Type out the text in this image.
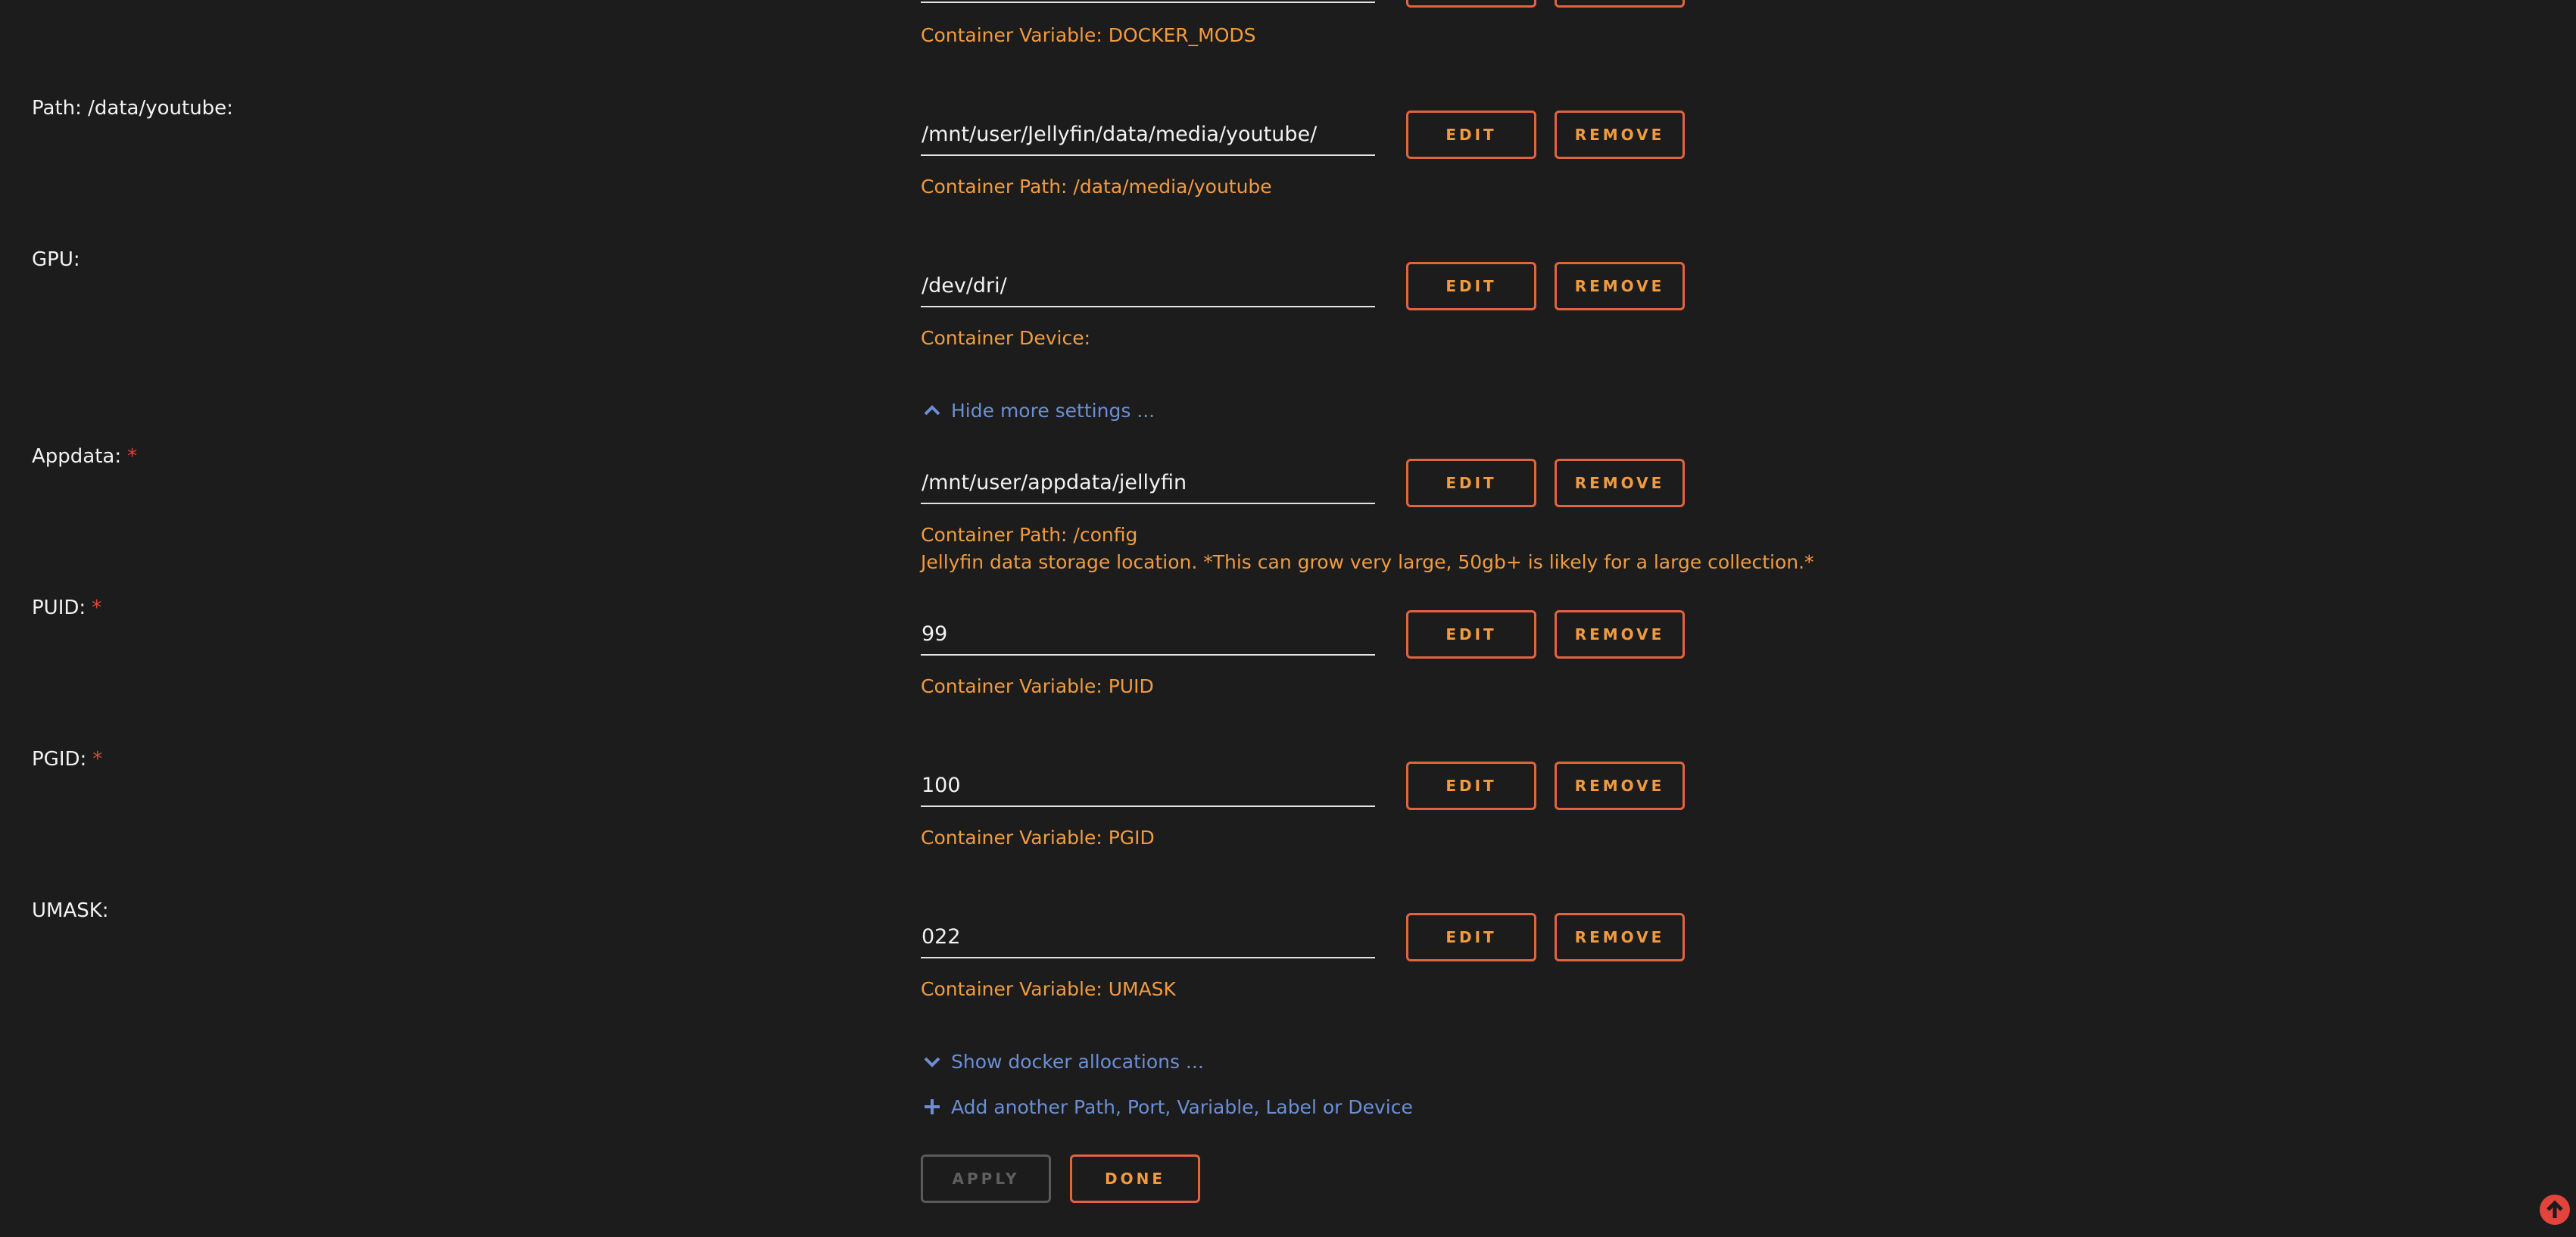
Container Variable: DOCKER_MODS
Path: /data/youtube:
/mnt/user/Jellyfin/data/media/youtube/	EDIT	REMOVE
Container Path: /data/media/youtube
GPU:
/dev/dri/	EDIT	REMOVE
Container Device:
Hide more settings ...
Appdata: *
/mnt/user/appdata/jellyfin	EDIT	REMOVE
Container Path: /config
Jellyfin data storage location. *This can grow very large, 50gb+ is likely for a large collection.*
PUID: *
99	EDIT	REMOVE
Container Variable: PUID
PGID: *
100	EDIT	REMOVE
Container Variable: PGID
UMASK:
022	EDIT	REMOVE
Container Variable: UMASK
Show docker allocations ...
Add another Path, Port, Variable, Label or Device
APPLY	DONE
